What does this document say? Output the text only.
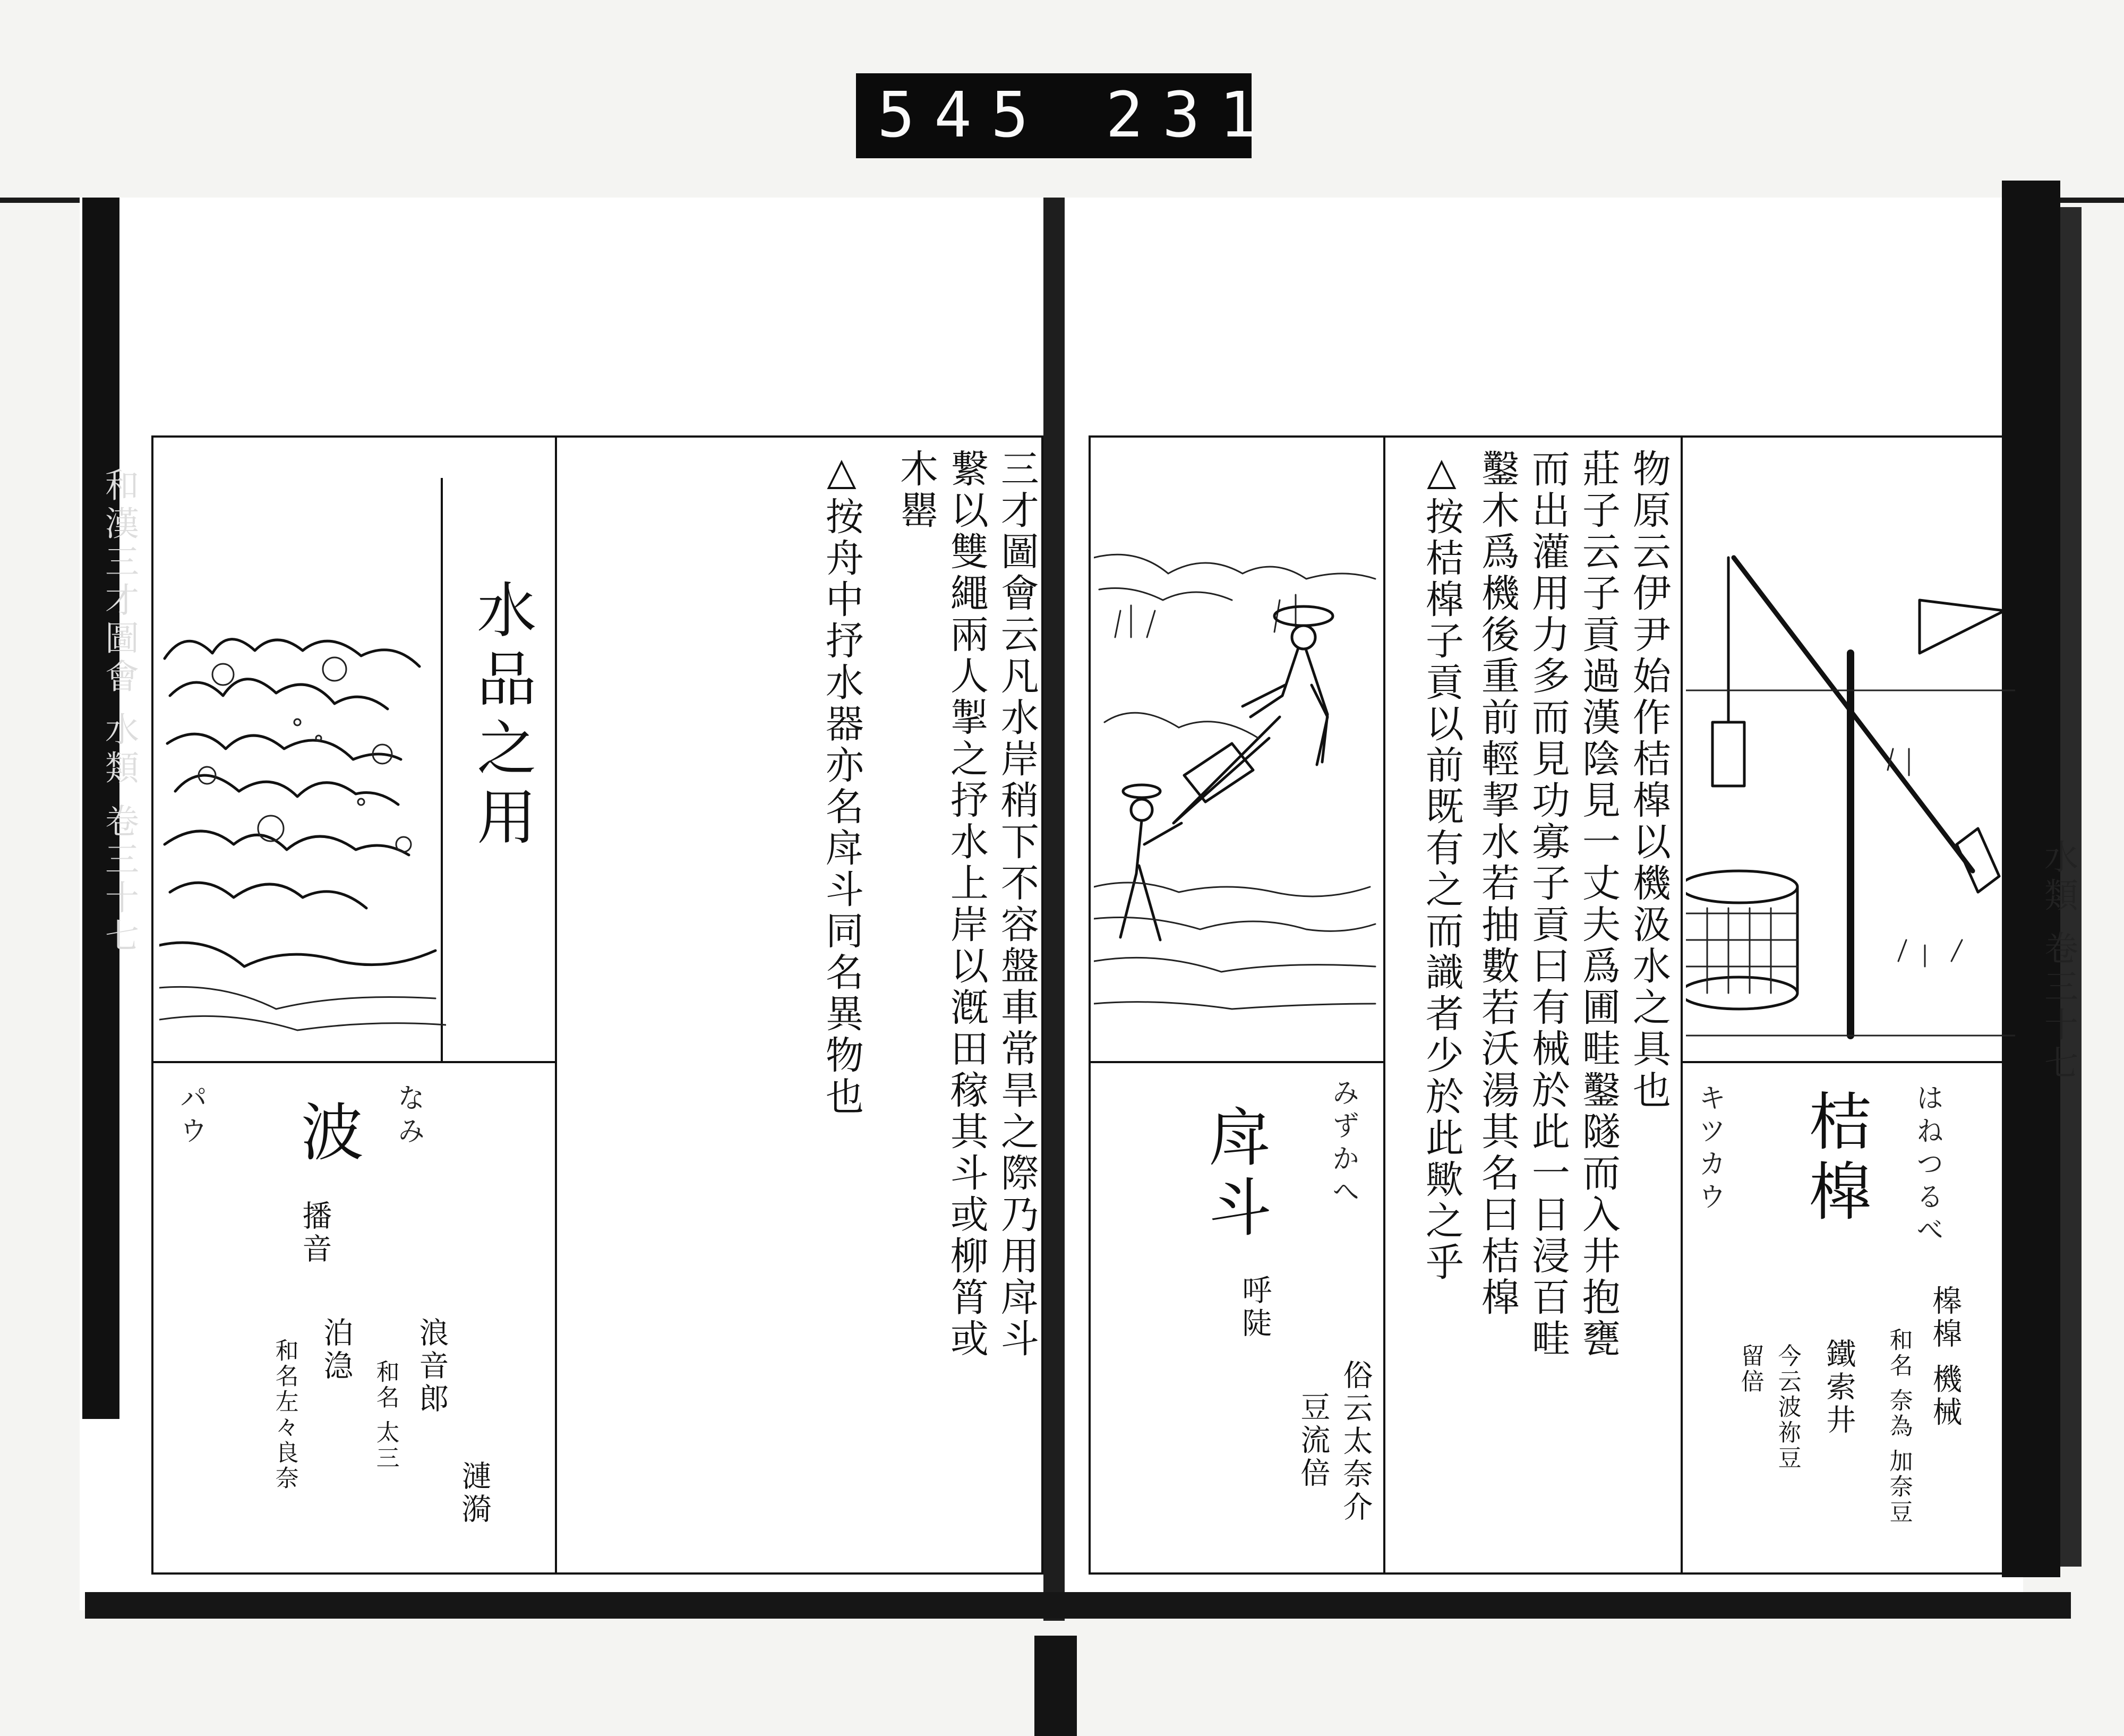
545 231
和漢三才圖會 水類 卷三十七	水品之用	三才圖會云凡水岸稍下不容盤車常旱之際乃用戽斗
繋以雙繩兩人掣之抒水上岸以漑田稼其斗或柳筲或
木罌
△按舟中抒水器亦名戽斗同名異物也
なみ
パウ 波
播音
浪音郎
漣漪
和名 太三
泊㴔
和名左々良奈
物原云伊尹始作桔槹以機汲水之具也
莊子云子貢過漢陰見一丈夫爲圃畦鑿隧而入井抱甕
而出灌用力多而見功寡子貢曰有械於此一日浸百畦
鑿木爲機後重前輕挈水若抽數若沃湯其名曰桔槹
△按桔槹子貢以前既有之而識者少於此歟之乎	はねつるべ
キツカウ 桔槹
槔槹 機械
和名 奈為 加奈豆
鐵索井
今云波祢豆
留倍
みずかへ
戽斗
呼陡
俗云太奈介
豆流倍
水類 卷三十七
